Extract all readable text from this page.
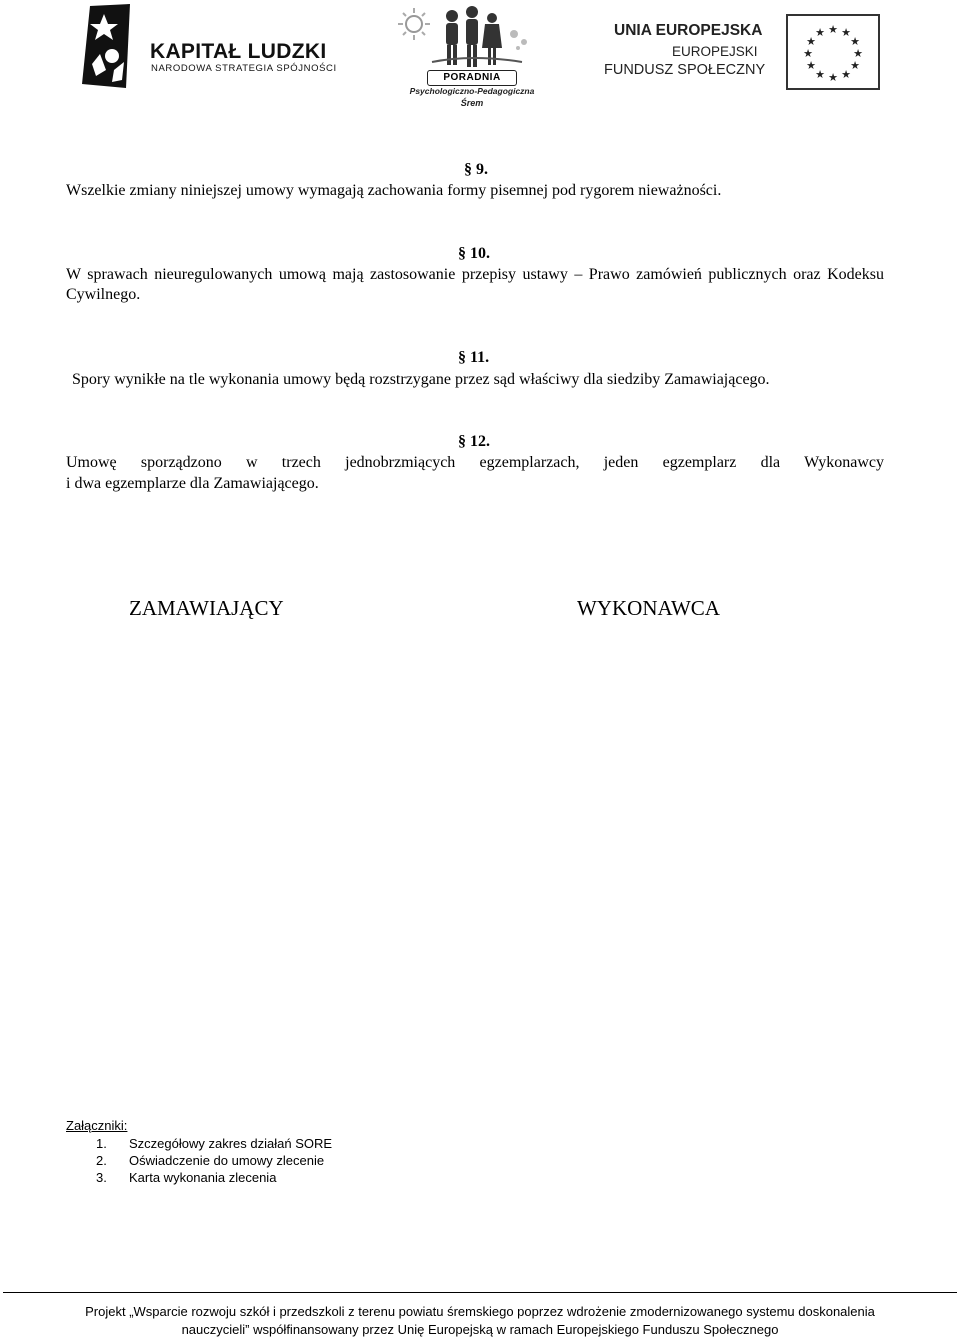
KAPITAŁ LUDZKI
NARODOWA STRATEGIA SPÓJNOŚCI
PORADNIA
Psychologiczno-Pedagogiczna
Śrem
UNIA EUROPEJSKA
EUROPEJSKI
FUNDUSZ SPOŁECZNY
★ ★
★
★
★
★
★
★
★
★
★
★
§ 9.
Wszelkie zmiany niniejszej umowy wymagają zachowania formy pisemnej pod rygorem nieważności.
§ 10.
W sprawach nieuregulowanych umową mają zastosowanie przepisy ustawy – Prawo zamówień publicznych oraz Kodeksu Cywilnego.
§ 11.
Spory wynikłe na tle wykonania umowy będą rozstrzygane przez sąd właściwy dla siedziby Zamawiającego.
§ 12.
Umowę sporządzono w trzech jednobrzmiących egzemplarzach, jeden egzemplarz dla Wykonawcy
i dwa egzemplarze dla Zamawiającego.
ZAMAWIAJĄCY	WYKONAWCA
Załączniki:
1. Szczegółowy zakres działań SORE
2. Oświadczenie do umowy zlecenie
3. Karta wykonania zlecenia
Projekt „Wsparcie rozwoju szkół i przedszkoli z terenu powiatu śremskiego poprzez wdrożenie zmodernizowanego systemu doskonalenia
nauczycieli” współfinansowany przez Unię Europejską w ramach Europejskiego Funduszu Społecznego
